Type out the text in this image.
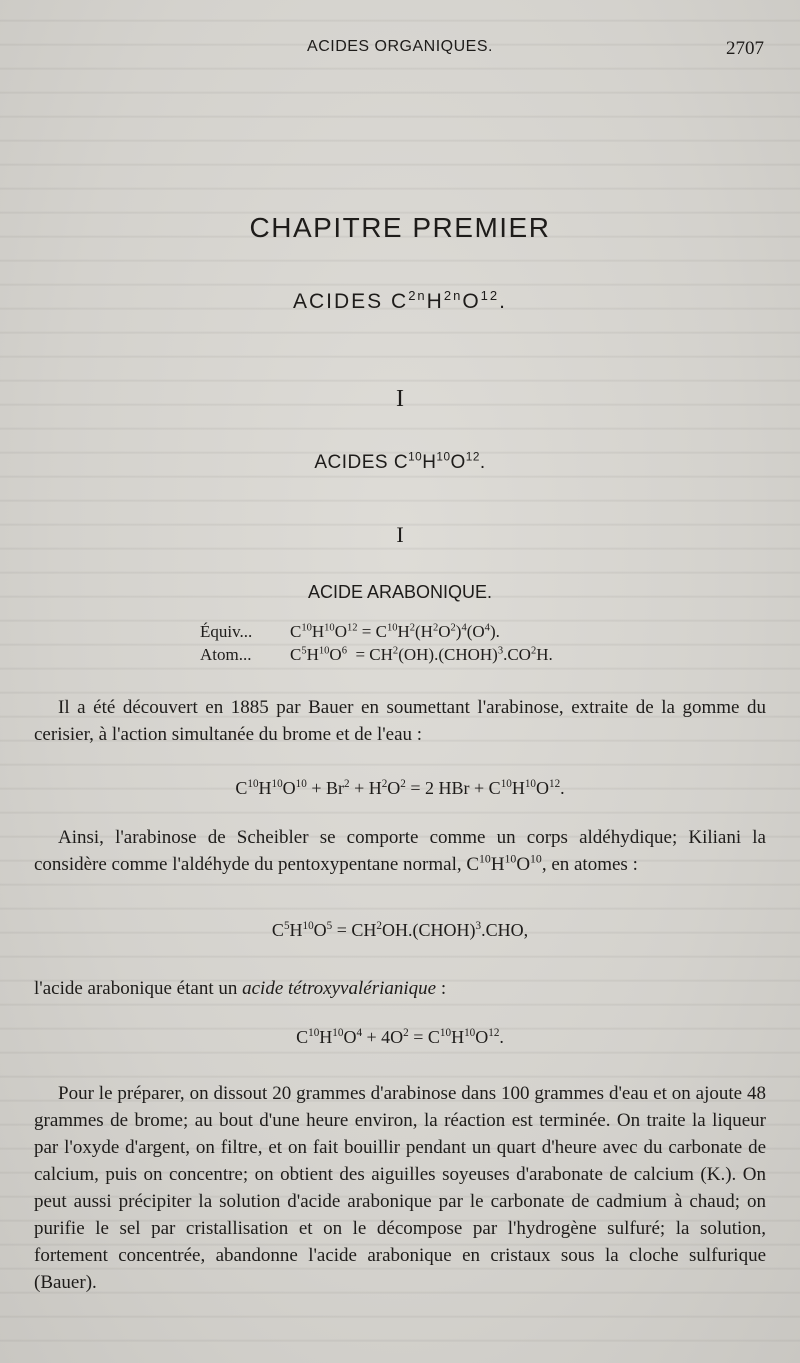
ACIDES ORGANIQUES.	2707
CHAPITRE PREMIER
ACIDES $C^{2n}H^{2n}O^{12}$.
I
ACIDES $C^{10}H^{10}O^{12}$.
I
ACIDE ARABONIQUE.
Équiv... $C^{10}H^{10}O^{12} = C^{10}H^2(H^2O^2)^4(O^4)$.
Atom... $C^5H^{10}O^6$  = $CH^2(OH).(CHOH)^3.CO^2H$.

Il a été découvert en 1885 par Bauer en soumettant l'arabinose, extraite de la gomme du cerisier, à l'action simultanée du brome et de l'eau :

$C^{10}H^{10}O^{10} + Br^2 + H^2O^2 = 2$ HBr + $C^{10}H^{10}O^{12}$.

Ainsi, l'arabinose de Scheibler se comporte comme un corps aldéhydique; Kiliani la considère comme l'aldéhyde du pentoxypentane normal, $C^{10}H^{10}O^{10}$, en atomes :

$C^5H^{10}O^5$ = $CH^2OH.(CHOH)^3.CHO$,

l'acide arabonique étant un acide tétroxyvalérianique :

$C^{10}H^{10}O^4 + 4O^2 = C^{10}H^{10}O^{12}$.

Pour le préparer, on dissout 20 grammes d'arabinose dans 100 grammes d'eau et on ajoute 48 grammes de brome; au bout d'une heure environ, la réaction est terminée. On traite la liqueur par l'oxyde d'argent, on filtre, et on fait bouillir pendant un quart d'heure avec du carbonate de calcium, puis on concentre; on obtient des aiguilles soyeuses d'arabonate de calcium (K.). On peut aussi précipiter la solution d'acide arabonique par le carbonate de cadmium à chaud; on purifie le sel par cristallisation et on le décompose par l'hydrogène sulfuré; la solution, fortement concentrée, abandonne l'acide arabonique en cristaux sous la cloche sulfurique (Bauer).
